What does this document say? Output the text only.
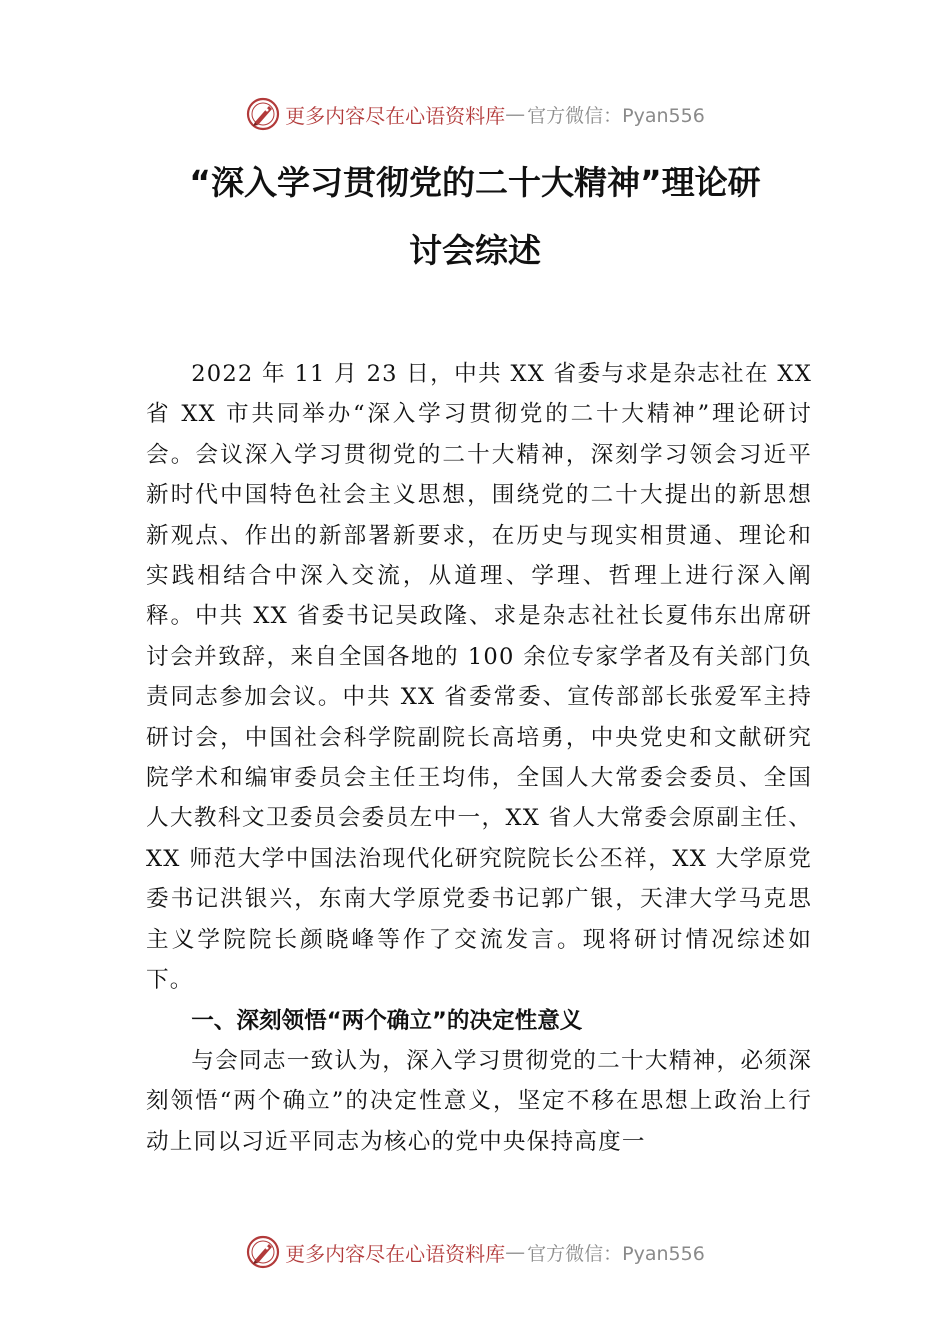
更多内容尽在心语资料库 — 官方微信：Pyan556
“深入学习贯彻党的二十大精神”理论研
讨会综述

2022 年 11 月 23 日，中共 XX 省委与求是杂志社在 XX 省 XX 市共同举办“深入学习贯彻党的二十大精神”理论研讨会。会议深入学习贯彻党的二十大精神，深刻学习领会习近平新时代中国特色社会主义思想，围绕党的二十大提出的新思想新观点、作出的新部署新要求，在历史与现实相贯通、理论和实践相结合中深入交流，从道理、学理、哲理上进行深入阐释。中共 XX 省委书记吴政隆、求是杂志社社长夏伟东出席研讨会并致辞，来自全国各地的 100 余位专家学者及有关部门负责同志参加会议。中共 XX 省委常委、宣传部部长张爱军主持研讨会，中国社会科学院副院长高培勇，中央党史和文献研究院学术和编审委员会主任王均伟，全国人大常委会委员、全国人大教科文卫委员会委员左中一，XX 省人大常委会原副主任、XX 师范大学中国法治现代化研究院院长公丕祥，XX 大学原党委书记洪银兴，东南大学原党委书记郭广银，天津大学马克思主义学院院长颜晓峰等作了交流发言。现将研讨情况综述如下。

一、深刻领悟“两个确立”的决定性意义

与会同志一致认为，深入学习贯彻党的二十大精神，必须深刻领悟“两个确立”的决定性意义，坚定不移在思想上政治上行动上同以习近平同志为核心的党中央保持高度一

更多内容尽在心语资料库 — 官方微信：Pyan556
